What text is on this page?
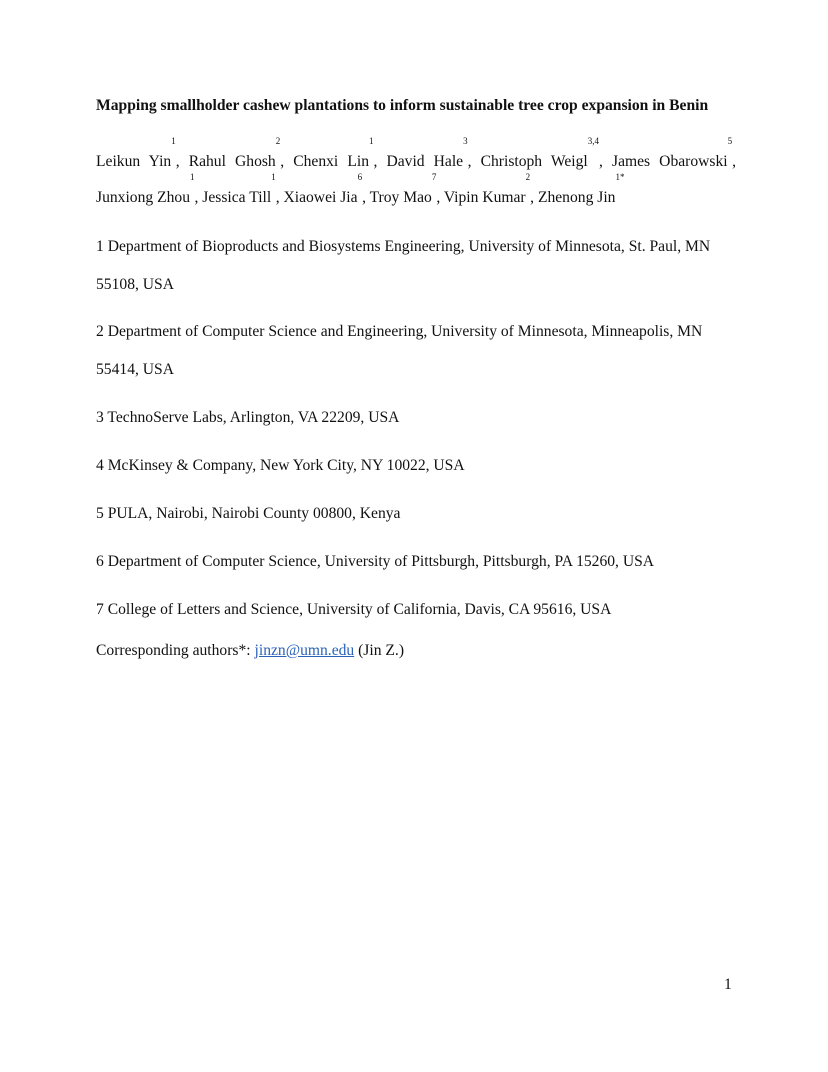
Mapping smallholder cashew plantations to inform sustainable tree crop expansion in Benin
Leikun Yin$^1$, Rahul Ghosh$^2$, Chenxi Lin$^1$, David Hale$^3$, Christoph Weigl$^{3,4}$, James Obarowski$^5$,
Junxiong Zhou$^1$, Jessica Till$^1$, Xiaowei Jia$^6$, Troy Mao$^7$, Vipin Kumar$^2$, Zhenong Jin$^{1*}$
1 Department of Bioproducts and Biosystems Engineering, University of Minnesota, St. Paul, MN
55108, USA
2 Department of Computer Science and Engineering, University of Minnesota, Minneapolis, MN
55414, USA
3 TechnoServe Labs, Arlington, VA 22209, USA
4 McKinsey & Company, New York City, NY 10022, USA
5 PULA, Nairobi, Nairobi County 00800, Kenya
6 Department of Computer Science, University of Pittsburgh, Pittsburgh, PA 15260, USA
7 College of Letters and Science, University of California, Davis, CA 95616, USA
Corresponding authors*: jinzn@umn.edu (Jin Z.)
1
